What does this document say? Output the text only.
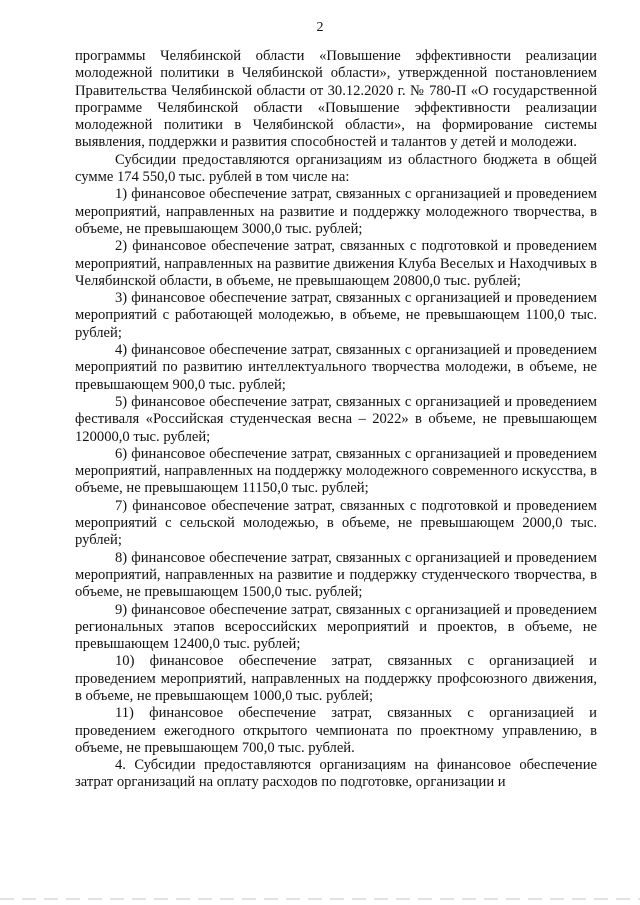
2

программы Челябинской области «Повышение эффективности реализации молодежной политики в Челябинской области», утвержденной постановлением Правительства Челябинской области от 30.12.2020 г. № 780-П «О государственной программе Челябинской области «Повышение эффективности реализации молодежной политики в Челябинской области», на формирование системы выявления, поддержки и развития способностей и талантов у детей и молодежи.

Субсидии предоставляются организациям из областного бюджета в общей сумме 174 550,0 тыс. рублей в том числе на:

1) финансовое обеспечение затрат, связанных с организацией и проведением мероприятий, направленных на развитие и поддержку молодежного творчества, в объеме, не превышающем 3000,0 тыс. рублей;

2) финансовое обеспечение затрат, связанных с подготовкой и проведением мероприятий, направленных на развитие движения Клуба Веселых и Находчивых в Челябинской области, в объеме, не превышающем 20800,0 тыс. рублей;

3) финансовое обеспечение затрат, связанных с организацией и проведением мероприятий с работающей молодежью, в объеме, не превышающем 1100,0 тыс. рублей;

4) финансовое обеспечение затрат, связанных с организацией и проведением мероприятий по развитию интеллектуального творчества молодежи, в объеме, не превышающем 900,0 тыс. рублей;

5) финансовое обеспечение затрат, связанных с организацией и проведением фестиваля «Российская студенческая весна – 2022» в объеме, не превышающем 120000,0 тыс. рублей;

6) финансовое обеспечение затрат, связанных с организацией и проведением мероприятий, направленных на поддержку молодежного современного искусства, в объеме, не превышающем 11150,0 тыс. рублей;

7) финансовое обеспечение затрат, связанных с подготовкой и проведением мероприятий с сельской молодежью, в объеме, не превышающем 2000,0 тыс. рублей;

8) финансовое обеспечение затрат, связанных с организацией и проведением мероприятий, направленных на развитие и поддержку студенческого творчества, в объеме, не превышающем 1500,0 тыс. рублей;

9) финансовое обеспечение затрат, связанных с организацией и проведением региональных этапов всероссийских мероприятий и проектов, в объеме, не превышающем 12400,0 тыс. рублей;

10) финансовое обеспечение затрат, связанных с организацией и проведением мероприятий, направленных на поддержку профсоюзного движения, в объеме, не превышающем 1000,0 тыс. рублей;

11) финансовое обеспечение затрат, связанных с организацией и проведением ежегодного открытого чемпионата по проектному управлению, в объеме, не превышающем 700,0 тыс. рублей.

4. Субсидии предоставляются организациям на финансовое обеспечение затрат организаций на оплату расходов по подготовке, организации и
